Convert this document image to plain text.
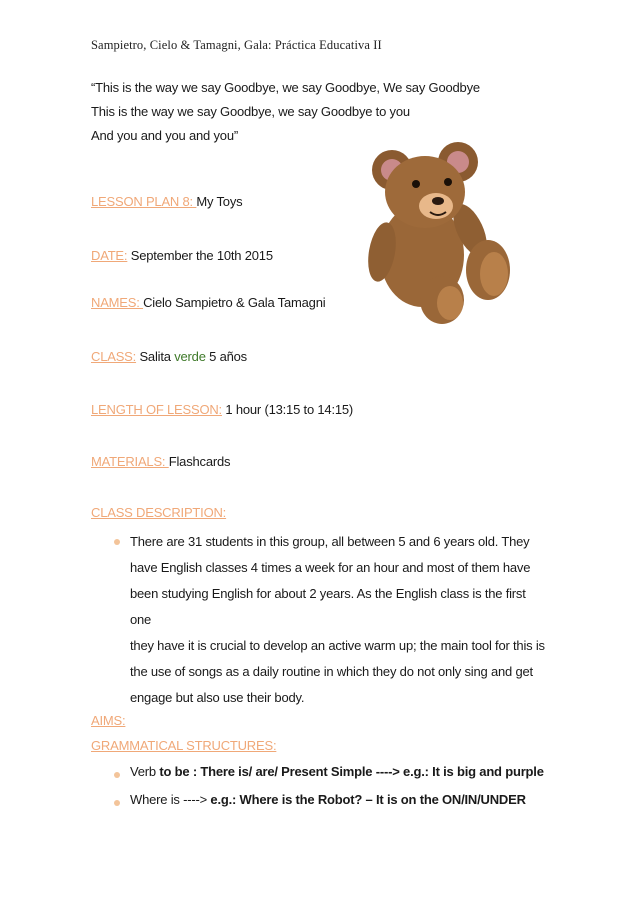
Sampietro, Cielo & Tamagni, Gala: Práctica Educativa II
“This is the way we say Goodbye, we say Goodbye, We say Goodbye
This is the way we say Goodbye, we say Goodbye to you
And you and you and you”
LESSON PLAN 8: My Toys
DATE: September the 10th 2015
NAMES: Cielo Sampietro & Gala Tamagni
CLASS: Salita verde 5 años
LENGTH OF LESSON: 1 hour (13:15 to 14:15)
MATERIALS: Flashcards
CLASS DESCRIPTION:
There are 31 students in this group, all between 5 and 6 years old. They
have English classes 4 times a week for an hour and most of them have
been studying English for about 2 years. As the English class is the first one
they have it is crucial to develop an active warm up; the main tool for this is
the use of songs as a daily routine in which they do not only sing and get
engage but also use their body.
AIMS:
GRAMMATICAL STRUCTURES:
Verb to be : There is/ are/ Present Simple ----> e.g.: It is big and purple
Where is ----> e.g.: Where is the Robot? – It is on the ON/IN/UNDER
